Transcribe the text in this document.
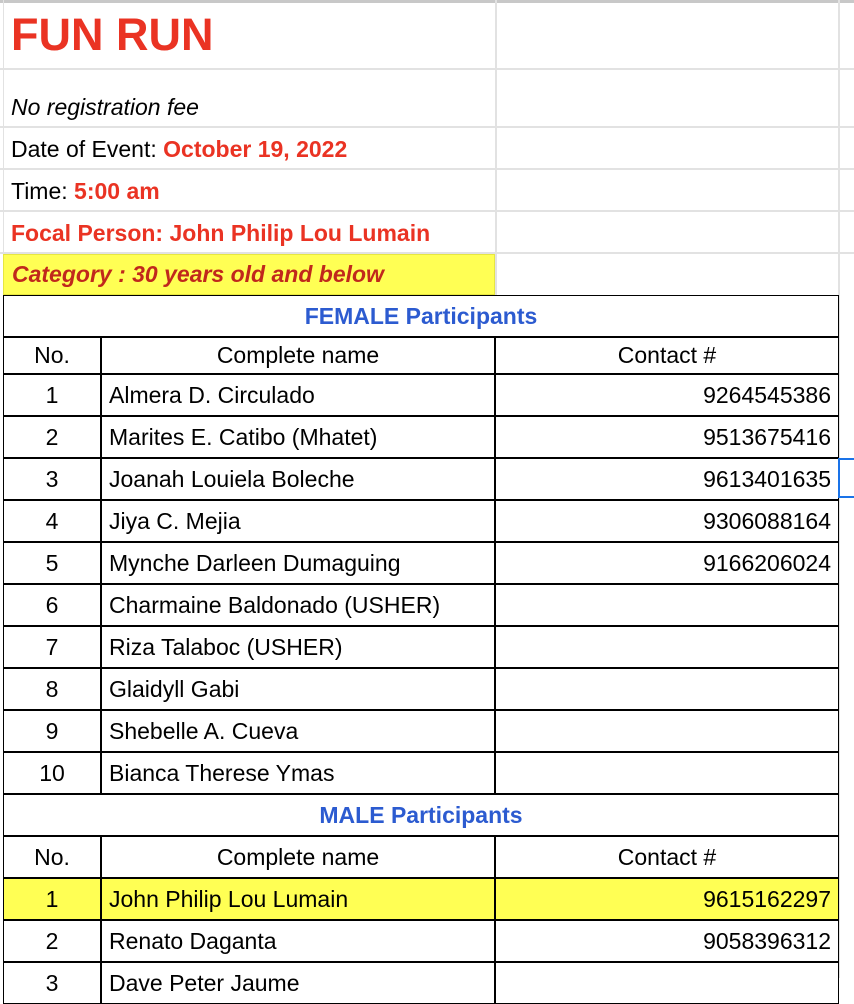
FUN RUN
No registration fee
Date of Event: October 19, 2022
Time: 5:00 am
Focal Person: John Philip Lou Lumain
Category : 30 years old and below
FEMALE Participants
No.	Complete name	Contact #
1	Almera D. Circulado	9264545386
2	Marites E. Catibo (Mhatet)	9513675416
3	Joanah Louiela Boleche	9613401635
4	Jiya C. Mejia	9306088164
5	Mynche Darleen Dumaguing	9166206024
6	Charmaine Baldonado (USHER)
7	Riza Talaboc (USHER)
8	Glaidyll Gabi
9	Shebelle A. Cueva
10	Bianca Therese Ymas
MALE Participants
No.	Complete name	Contact #
1	John Philip Lou Lumain	9615162297
2	Renato Daganta	9058396312
3	Dave Peter Jaume
